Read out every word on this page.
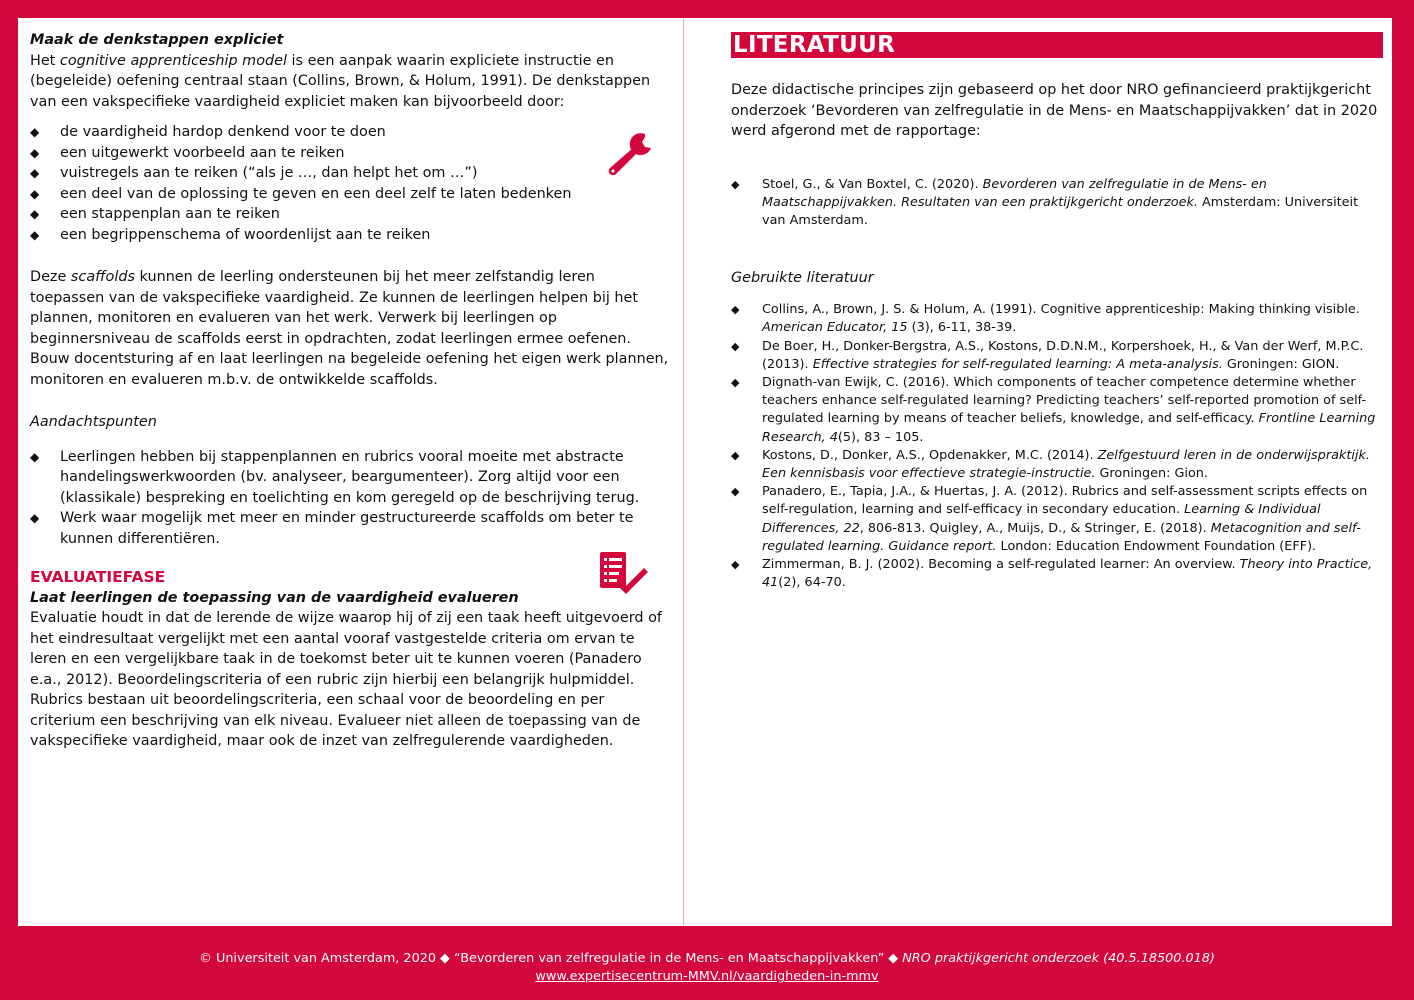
Maak de denkstappen expliciet

Het cognitive apprenticeship model is een aanpak waarin expliciete instructie en (begeleide) oefening centraal staan (Collins, Brown, & Holum, 1991). De denkstappen van een vakspecifieke vaardigheid expliciet maken kan bijvoorbeeld door:

◆ de vaardigheid hardop denkend voor te doen
◆ een uitgewerkt voorbeeld aan te reiken
◆ vuistregels aan te reiken (“als je …, dan helpt het om …”)
◆ een deel van de oplossing te geven en een deel zelf te laten bedenken
◆ een stappenplan aan te reiken
◆ een begrippenschema of woordenlijst aan te reiken

Deze scaffolds kunnen de leerling ondersteunen bij het meer zelfstandig leren toepassen van de vakspecifieke vaardigheid. Ze kunnen de leerlingen helpen bij het plannen, monitoren en evalueren van het werk. Verwerk bij leerlingen op beginnersniveau de scaffolds eerst in opdrachten, zodat leerlingen ermee oefenen. Bouw docentsturing af en laat leerlingen na begeleide oefening het eigen werk plannen, monitoren en evalueren m.b.v. de ontwikkelde scaffolds.

Aandachtspunten

◆ Leerlingen hebben bij stappenplannen en rubrics vooral moeite met abstracte handelingswerkwoorden (bv. analyseer, beargumenteer). Zorg altijd voor een (klassikale) bespreking en toelichting en kom geregeld op de beschrijving terug.
◆ Werk waar mogelijk met meer en minder gestructureerde scaffolds om beter te kunnen differentiëren.

EVALUATIEFASE

Laat leerlingen de toepassing van de vaardigheid evalueren

Evaluatie houdt in dat de lerende de wijze waarop hij of zij een taak heeft uitgevoerd of het eindresultaat vergelijkt met een aantal vooraf vastgestelde criteria om ervan te leren en een vergelijkbare taak in de toekomst beter uit te kunnen voeren (Panadero e.a., 2012). Beoordelingscriteria of een rubric zijn hierbij een belangrijk hulpmiddel. Rubrics bestaan uit beoordelingscriteria, een schaal voor de beoordeling en per criterium een beschrijving van elk niveau. Evalueer niet alleen de toepassing van de vakspecifieke vaardigheid, maar ook de inzet van zelfregulerende vaardigheden.

LITERATUUR

Deze didactische principes zijn gebaseerd op het door NRO gefinancieerd praktijkgericht onderzoek ‘Bevorderen van zelfregulatie in de Mens- en Maatschappijvakken’ dat in 2020 werd afgerond met de rapportage:

◆ Stoel, G., & Van Boxtel, C. (2020). Bevorderen van zelfregulatie in de Mens- en Maatschappijvakken. Resultaten van een praktijkgericht onderzoek. Amsterdam: Universiteit van Amsterdam.

Gebruikte literatuur

◆ Collins, A., Brown, J. S. & Holum, A. (1991). Cognitive apprenticeship: Making thinking visible. American Educator, 15 (3), 6-11, 38-39.
◆ De Boer, H., Donker-Bergstra, A.S., Kostons, D.D.N.M., Korpershoek, H., & Van der Werf, M.P.C. (2013). Effective strategies for self-regulated learning: A meta-analysis. Groningen: GION.
◆ Dignath-van Ewijk, C. (2016). Which components of teacher competence determine whether teachers enhance self-regulated learning? Predicting teachers’ self-reported promotion of self-regulated learning by means of teacher beliefs, knowledge, and self-efficacy. Frontline Learning Research, 4(5), 83 – 105.
◆ Kostons, D., Donker, A.S., Opdenakker, M.C. (2014). Zelfgestuurd leren in de onderwijspraktijk. Een kennisbasis voor effectieve strategie-instructie. Groningen: Gion.
◆ Panadero, E., Tapia, J.A., & Huertas, J. A. (2012). Rubrics and self-assessment scripts effects on self-regulation, learning and self-efficacy in secondary education. Learning & Individual Differences, 22, 806-813. Quigley, A., Muijs, D., & Stringer, E. (2018). Metacognition and self-regulated learning. Guidance report. London: Education Endowment Foundation (EFF).
◆ Zimmerman, B. J. (2002). Becoming a self-regulated learner: An overview. Theory into Practice, 41(2), 64-70.
© Universiteit van Amsterdam, 2020 ◆ “Bevorderen van zelfregulatie in de Mens- en Maatschappijvakken” ◆ NRO praktijkgericht onderzoek (40.5.18500.018)
www.expertisecentrum-MMV.nl/vaardigheden-in-mmv
